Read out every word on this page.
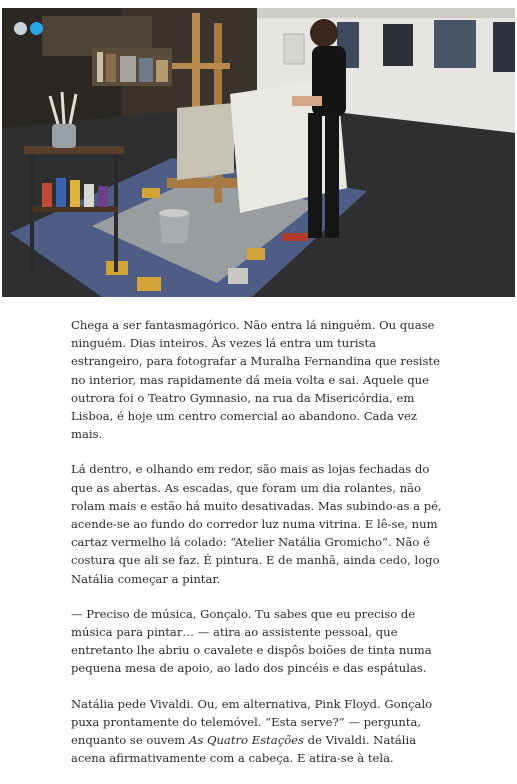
Chega a ser fantasmagórico. Não entra lá ninguém. Ou quase ninguém. Dias inteiros. Às vezes lá entra um turista estrangeiro, para fotografar a Muralha Fernandina que resiste no interior, mas rapidamente dá meia volta e sai. Aquele que outrora foi o Teatro Gymnasio, na rua da Misericórdia, em Lisboa, é hoje um centro comercial ao abandono. Cada vez mais.

Lá dentro, e olhando em redor, são mais as lojas fechadas do que as abertas. As escadas, que foram um dia rolantes, não rolam mais e estão há muito desativadas. Mas subindo-as a pé, acende-se ao fundo do corredor luz numa vitrina. E lê-se, num cartaz vermelho lá colado: “Atelier Natália Gromicho”. Não é costura que ali se faz. É pintura. E de manhã, ainda cedo, logo Natália começar a pintar.

— Preciso de música, Gonçalo. Tu sabes que eu preciso de música para pintar… — atira ao assistente pessoal, que entretanto lhe abriu o cavalete e dispôs boiões de tinta numa pequena mesa de apoio, ao lado dos pincéis e das espátulas.

Natália pede Vivaldi. Ou, em alternativa, Pink Floyd. Gonçalo puxa prontamente do telemóvel. “Esta serve?” — pergunta, enquanto se ouvem As Quatro Estações de Vivaldi. Natália acena afirmativamente com a cabeça. E atira-se à tela.
